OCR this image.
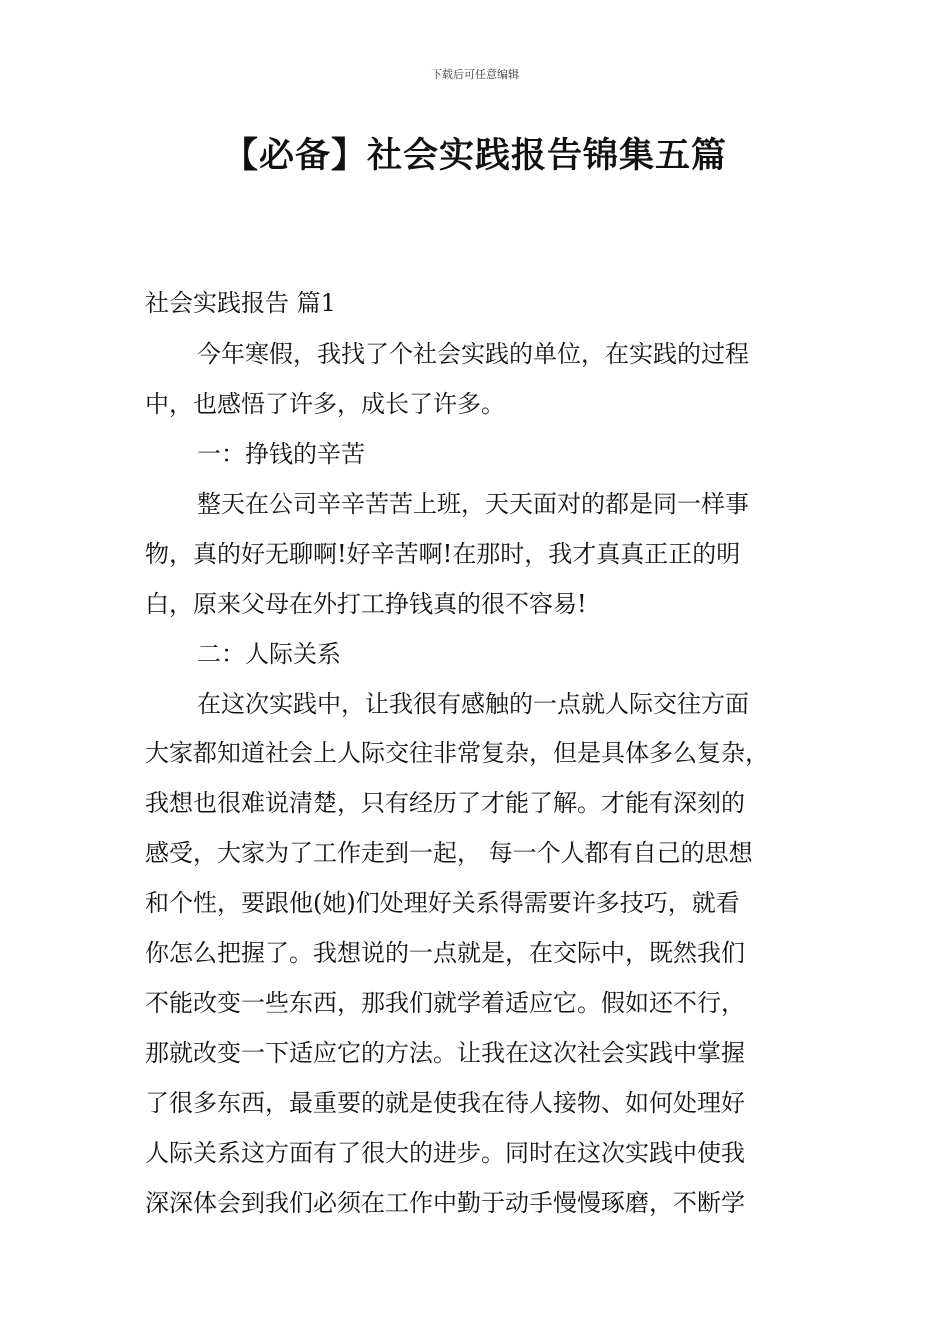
下载后可任意编辑
【必备】社会实践报告锦集五篇

社会实践报告 篇1

今年寒假，我找了个社会实践的单位，在实践的过程

中，也感悟了许多，成长了许多。

一：挣钱的辛苦

整天在公司辛辛苦苦上班，天天面对的都是同一样事

物，真的好无聊啊!好辛苦啊!在那时，我才真真正正的明

白，原来父母在外打工挣钱真的很不容易!

二：人际关系

在这次实践中，让我很有感触的一点就人际交往方面

大家都知道社会上人际交往非常复杂，但是具体多么复杂，

我想也很难说清楚，只有经历了才能了解。才能有深刻的

感受，大家为了工作走到一起， 每一个人都有自己的思想

和个性，要跟他(她)们处理好关系得需要许多技巧，就看

你怎么把握了。我想说的一点就是，在交际中，既然我们

不能改变一些东西，那我们就学着适应它。假如还不行，

那就改变一下适应它的方法。让我在这次社会实践中掌握

了很多东西，最重要的就是使我在待人接物、如何处理好

人际关系这方面有了很大的进步。同时在这次实践中使我

深深体会到我们必须在工作中勤于动手慢慢琢磨，不断学
